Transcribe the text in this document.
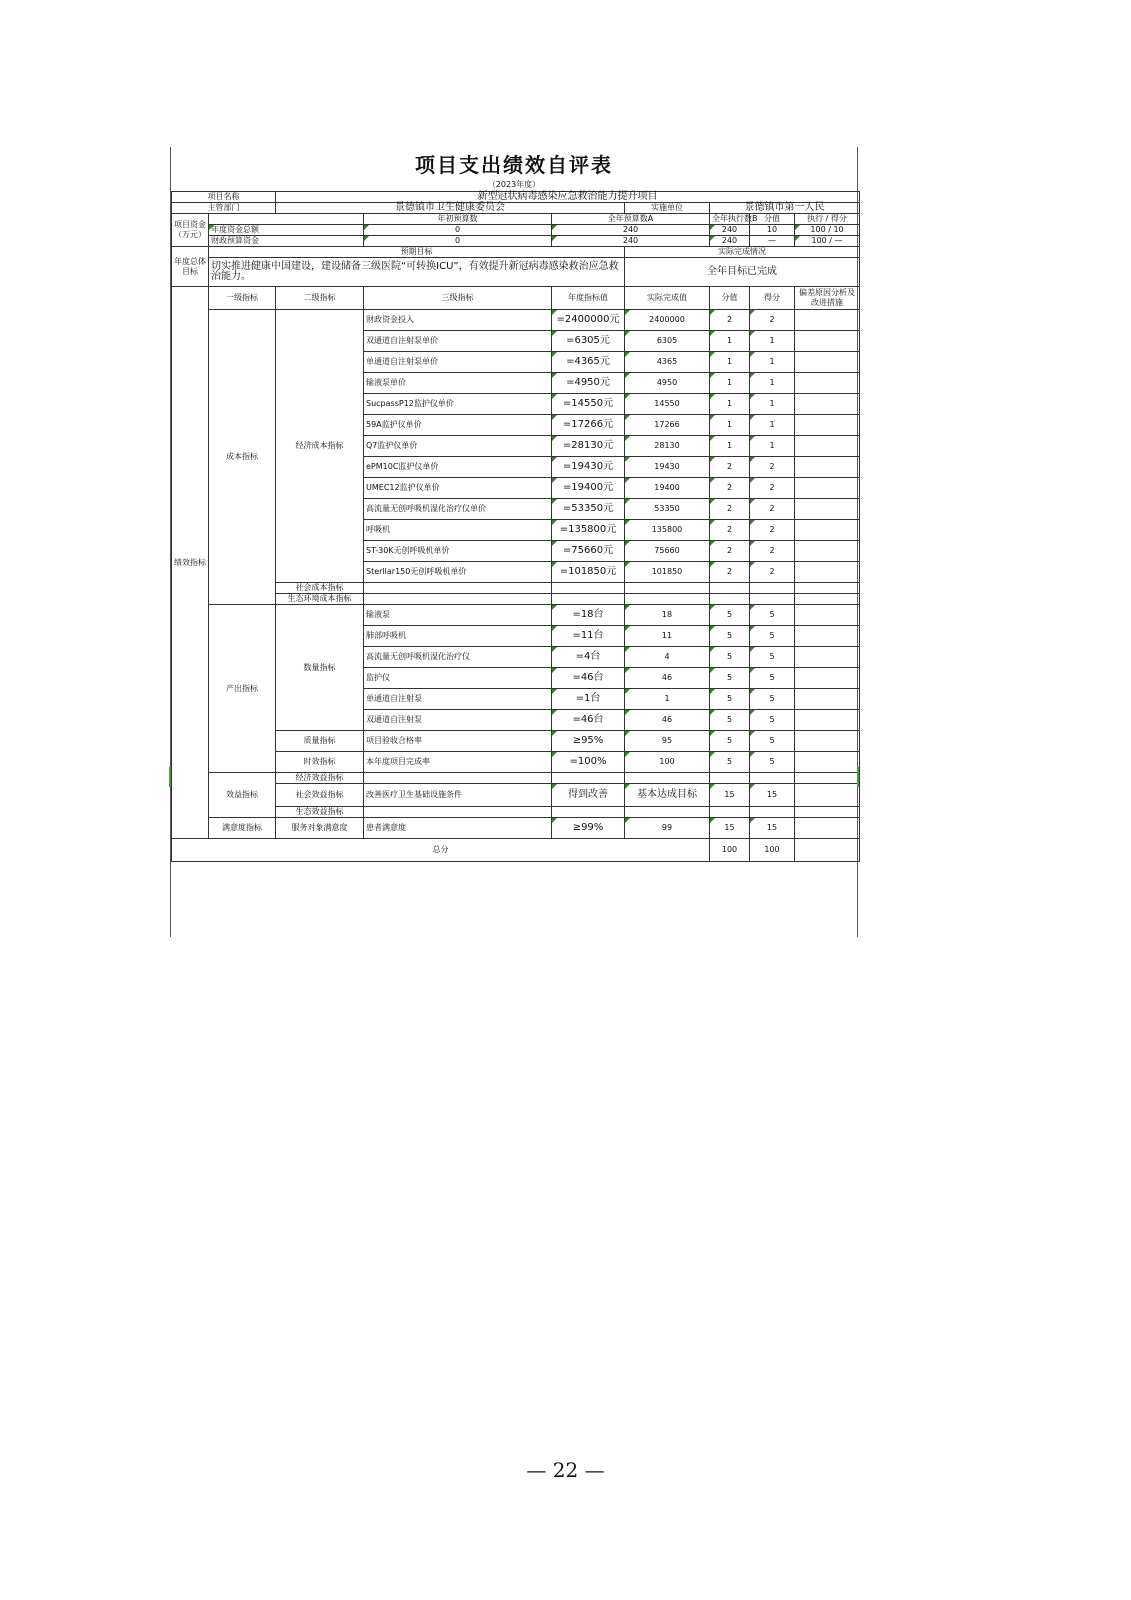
项目支出绩效自评表
（2023年度）
项目名称		新型冠状病毒感染应急救治能力提升项目						
主管部门		景德镇市卫生健康委员会			实施单位	景德镇市第一人民		
项目资金（万元）			年初预算数	全年预算数A		全年执行数B	分值	执行 / 得分
	年度资金总额		0	240		240	10	100 / 10
	财政预算资金		0	240		240	—	100 / —
年度总体目标	预期目标				实际完成情况			
	切实推进健康中国建设，建设储备三级医院“可转换ICU”，有效提升新冠病毒感染救治应急救治能力。				全年目标已完成			
绩效指标	一级指标	二级指标	三级指标	年度指标值	实际完成值	分值	得分	偏差原因分析及改进措施
	成本指标	经济成本指标	财政资金投入	=2400000元	2400000	2	2	
			双通道自注射泵单价	=6305元	6305	1	1	
			单通道自注射泵单价	=4365元	4365	1	1	
			输液泵单价	=4950元	4950	1	1	
			SucpassP12监护仪单价	=14550元	14550	1	1	
			59A监护仪单价	=17266元	17266	1	1	
			Q7监护仪单价	=28130元	28130	1	1	
			ePM10C监护仪单价	=19430元	19430	2	2	
			UMEC12监护仪单价	=19400元	19400	2	2	
			高流量无创呼吸机湿化治疗仪单价	=53350元	53350	2	2	
			呼吸机	=135800元	135800	2	2	
			ST-30K无创呼吸机单价	=75660元	75660	2	2	
			Sterllar150无创呼吸机单价	=101850元	101850	2	2	
		社会成本指标						
		生态环境成本指标						
	产出指标	数量指标	输液泵	=18台	18	5	5	
			肺部呼吸机	=11台	11	5	5	
			高流量无创呼吸机湿化治疗仪	=4台	4	5	5	
			监护仪	=46台	46	5	5	
			单通道自注射泵	=1台	1	5	5	
			双通道自注射泵	=46台	46	5	5	
		质量指标	项目验收合格率	≥95%	95	5	5	
		时效指标	本年度项目完成率	=100%	100	5	5	
	效益指标	经济效益指标						
		社会效益指标	改善医疗卫生基础设施条件	得到改善	基本达成目标	15	15	
		生态效益指标						
	满意度指标	服务对象满意度	患者满意度	≥99%	99	15	15	
总分						100	100	
— 22 —
